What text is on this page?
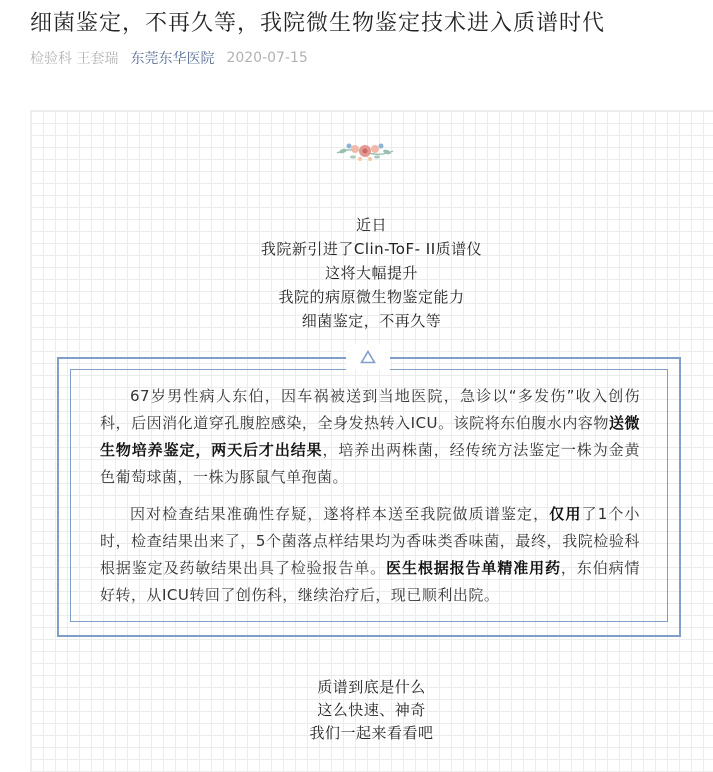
细菌鉴定，不再久等，我院微生物鉴定技术进入质谱时代
检验科 王套瑞 东莞东华医院 2020-07-15
近日
我院新引进了Clin-ToF- II质谱仪
这将大幅提升
我院的病原微生物鉴定能力
细菌鉴定，不再久等

67岁男性病人东伯，因车祸被送到当地医院，急诊以“多发伤”收入创伤科，后因消化道穿孔腹腔感染，全身发热转入ICU。该院将东伯腹水内容物送微生物培养鉴定，两天后才出结果，培养出两株菌，经传统方法鉴定一株为金黄色葡萄球菌，一株为豚鼠气单孢菌。

因对检查结果准确性存疑，遂将样本送至我院做质谱鉴定，仅用了1个小时，检查结果出来了，5个菌落点样结果均为香味类香味菌，最终，我院检验科根据鉴定及药敏结果出具了检验报告单。医生根据报告单精准用药，东伯病情好转，从ICU转回了创伤科，继续治疗后，现已顺利出院。

质谱到底是什么
这么快速、神奇
我们一起来看看吧
